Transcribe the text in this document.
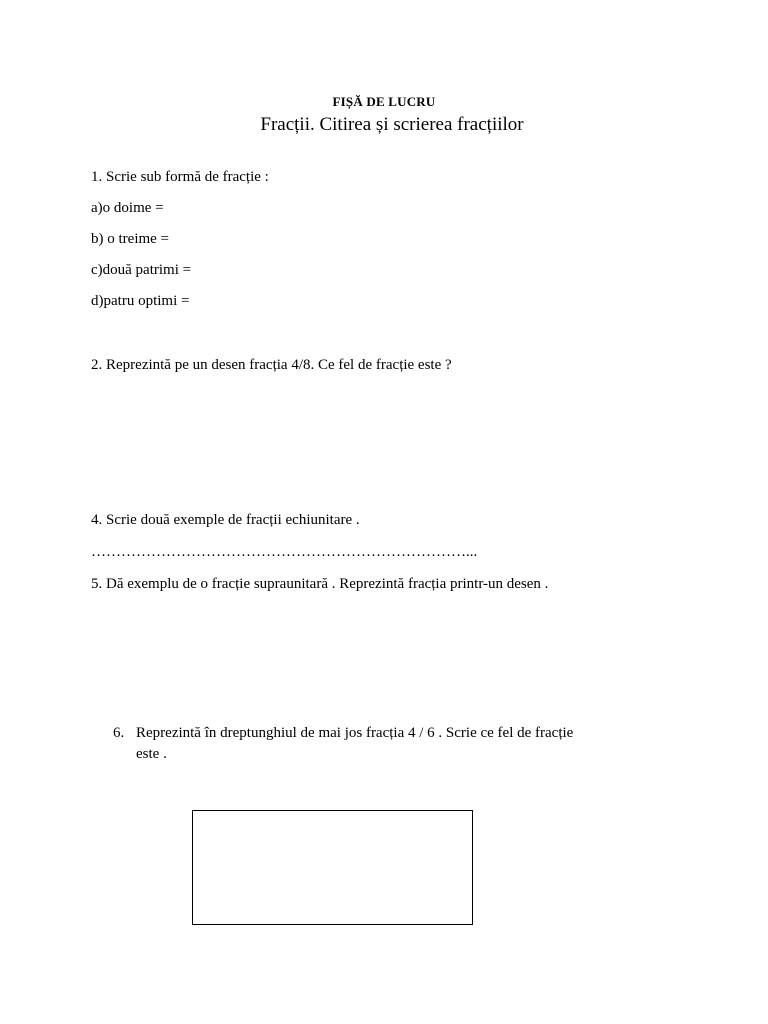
FIȘĂ DE LUCRU
Fracții. Citirea și scrierea fracțiilor
1. Scrie sub formă de fracție :
a)o doime =
b) o treime =
c)două patrimi =
d)patru optimi =
2. Reprezintă pe un desen fracția 4/8. Ce fel de fracție este ?
4. Scrie două exemple de fracții echiunitare .
…………………………………………………………………...
5. Dă exemplu de o fracție supraunitară . Reprezintă fracția printr-un desen .
6. Reprezintă în dreptunghiul de mai jos fracția 4 / 6 . Scrie ce fel de fracție
este .
